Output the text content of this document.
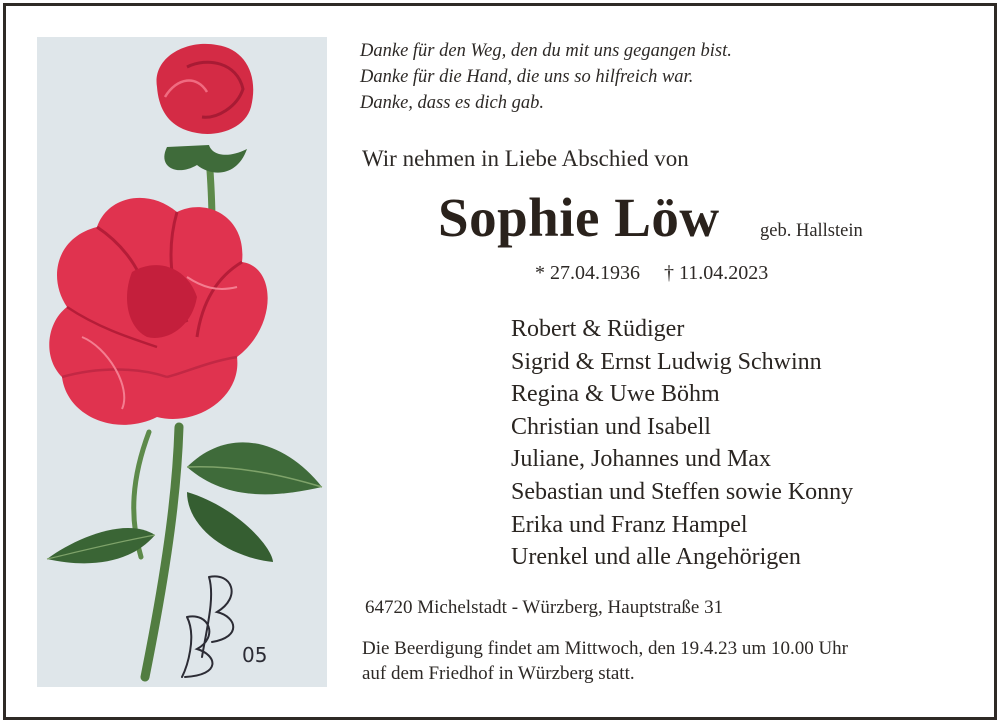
05
Danke für den Weg, den du mit uns gegangen bist.
Danke für die Hand, die uns so hilfreich war.
Danke, dass es dich gab.
Wir nehmen in Liebe Abschied von
Sophie Löw geb. Hallstein
* 27.04.1936 † 11.04.2023
Robert & Rüdiger
Sigrid & Ernst Ludwig Schwinn
Regina & Uwe Böhm
Christian und Isabell
Juliane, Johannes und Max
Sebastian und Steffen sowie Konny
Erika und Franz Hampel
Urenkel und alle Angehörigen
64720 Michelstadt - Würzberg, Hauptstraße 31
Die Beerdigung findet am Mittwoch, den 19.4.23 um 10.00 Uhr
auf dem Friedhof in Würzberg statt.
